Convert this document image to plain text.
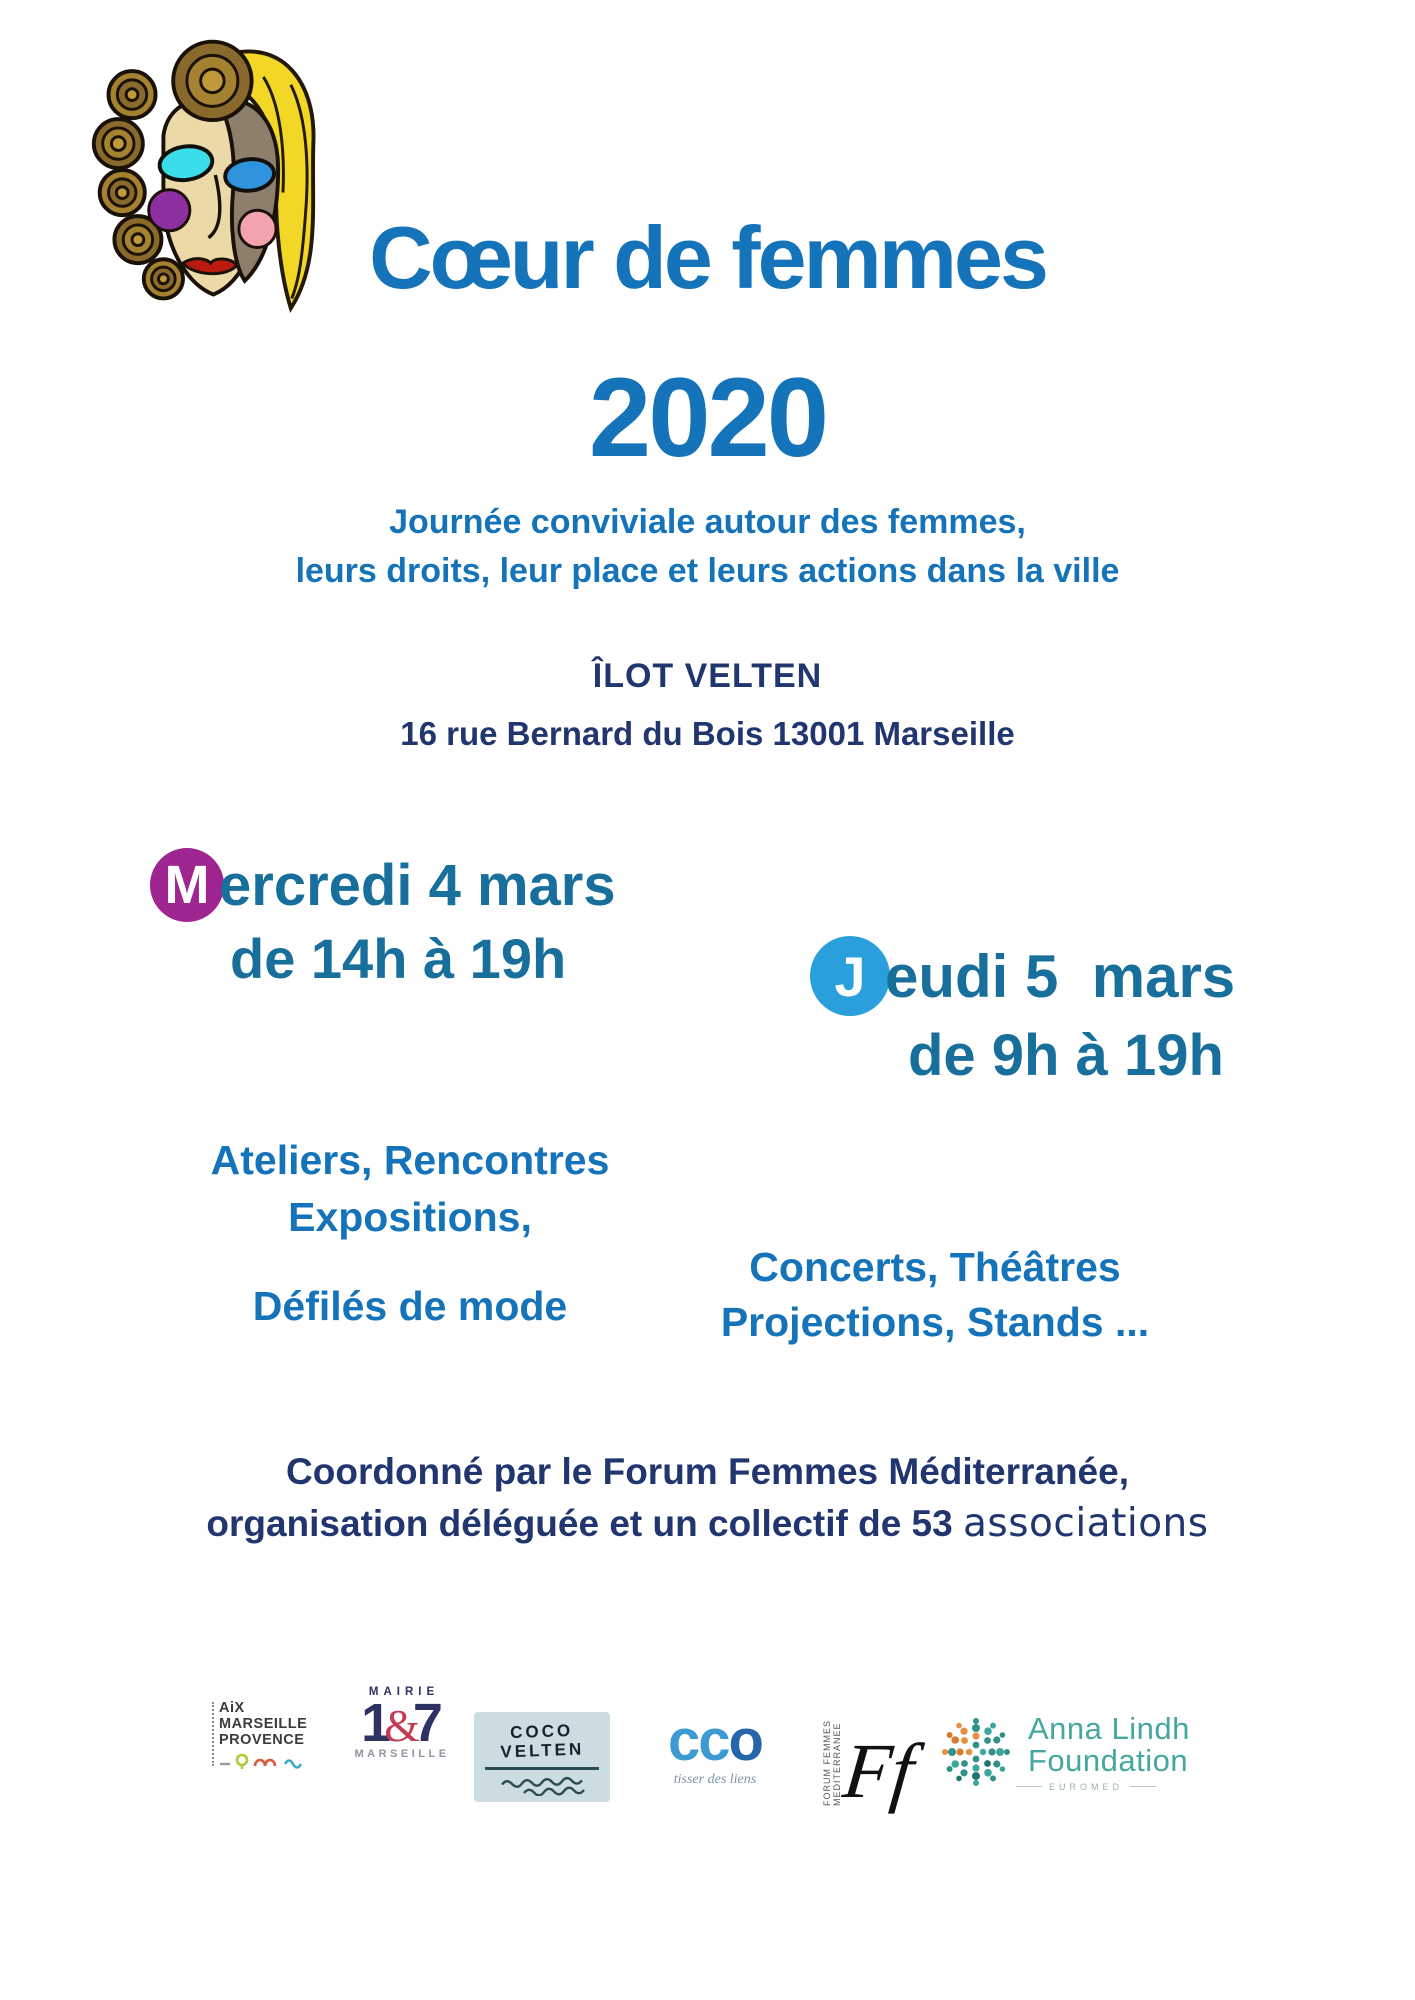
Cœur de femmes
2020
Journée conviviale autour des femmes,
leurs droits, leur place et leurs actions dans la ville
ÎLOT VELTEN
16 rue Bernard du Bois 13001 Marseille
M ercredi 4 mars
de 14h à 19h	J eudi 5  mars
de 9h à 19h
Ateliers, Rencontres
Expositions,
Défilés de mode
Concerts, Théâtres
Projections, Stands ...
Coordonné par le Forum Femmes Méditerranée,
organisation déléguée et un collectif de 53 associations
AiX
MARSEILLE
PROVENCE
MAIRIE
1
&
7
MARSEILLE
COCO
VELTEN	cco
tisser des liens	FORUM FEMMES MEDITERRANEE
Ff	Anna Lindh
Foundation
EUROMED
